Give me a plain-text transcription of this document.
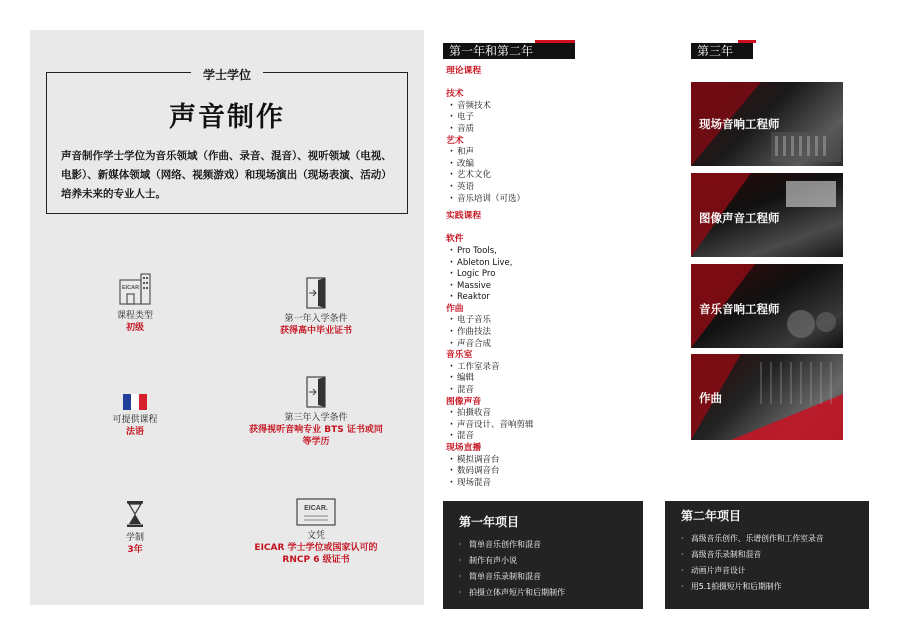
学士学位
声音制作
声音制作学士学位为音乐领域（作曲、录音、混音）、视听领域（电视、电影）、新媒体领域（网络、视频游戏）和现场演出（现场表演、活动）培养未来的专业人士。
EICAR
课程类型
初级
第一年入学条件
获得高中毕业证书
可提供课程
法语
第三年入学条件
获得视听音响专业 BTS 证书或同等学历
学制
3年
EICAR.
文凭
EICAR 学士学位或国家认可的 RNCP 6 级证书
第一年和第二年	第三年
理论课程
技术
· 音频技术
· 电子
· 音质
艺术
· 和声
· 改编
· 艺术文化
· 英语
· 音乐培训（可选）
实践课程
软件
· Pro Tools,
· Ableton Live,
· Logic Pro
· Massive
· Reaktor
作曲
· 电子音乐
· 作曲技法
· 声音合成
音乐室
· 工作室录音
· 编辑
· 混音
图像声音
· 拍摄收音
· 声音设计、音响剪辑
· 混音
现场直播
· 模拟调音台
· 数码调音台
· 现场混音
现场音响工程师
图像声音工程师
音乐音响工程师
作曲
第一年项目
· 简单音乐创作和混音
· 制作有声小说
· 简单音乐录制和混音
· 拍摄立体声短片和后期制作
第二年项目
· 高级音乐创作、乐谱创作和工作室录音
· 高级音乐录制和混音
· 动画片声音设计
· 用5.1拍摄短片和后期制作
